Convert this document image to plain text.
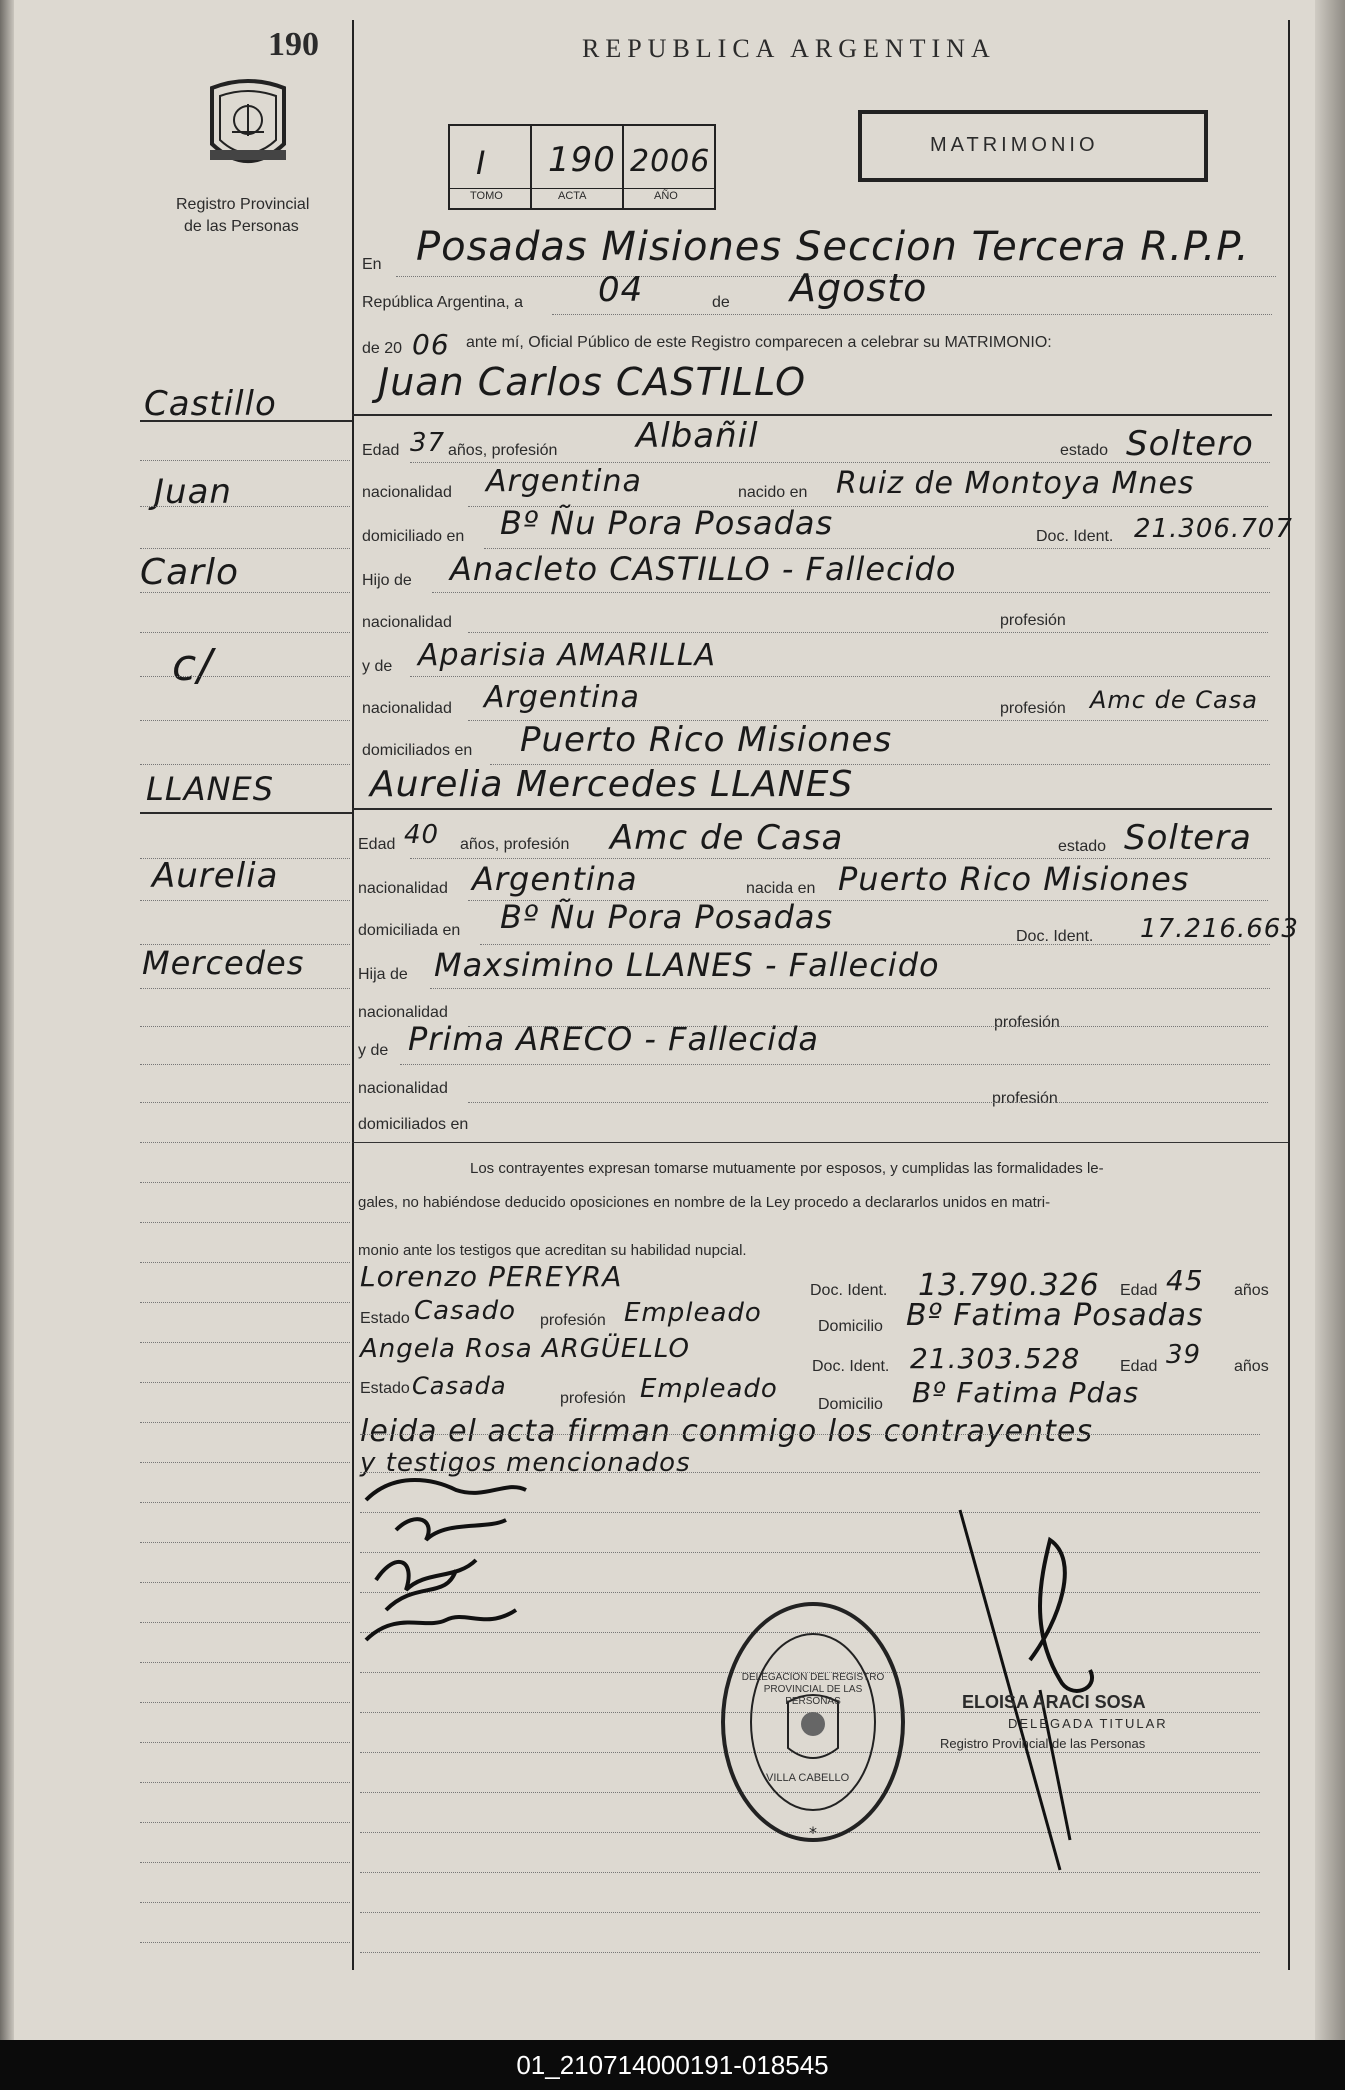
190	REPUBLICA ARGENTINA
Registro Provincial
de las Personas
I 190 2006
TOMO	ACTA	AÑO
MATRIMONIO
En Posadas Misiones Seccion Tercera R.P.P.
República Argentina, a 04	de Agosto
de 20 06 ante mí, Oficial Público de este Registro comparecen a celebrar su MATRIMONIO:
Juan Carlos CASTILLO
Castillo
Juan
Carlo
c/
LLANES
Aurelia
Mercedes
Edad 37 años, profesión Albañil	estado Soltero
nacionalidad Argentina	nacido en Ruiz de Montoya Mnes
domiciliado en Bº Ñu Pora Posadas	Doc. Ident. 21.306.707
Hijo de Anacleto CASTILLO - Fallecido
nacionalidad	profesión
y de Aparisia AMARILLA
nacionalidad Argentina	profesión Amc de Casa
domiciliados en Puerto Rico Misiones
Aurelia Mercedes LLANES
Edad 40 años, profesión Amc de Casa	estado Soltera
nacionalidad Argentina	nacida en Puerto Rico Misiones
domiciliada en Bº Ñu Pora Posadas
Doc. Ident. 17.216.663
Hija de Maxsimino LLANES - Fallecido
nacionalidad
profesión
y de Prima ARECO - Fallecida
nacionalidad
profesión
domiciliados en
Los contrayentes expresan tomarse mutuamente por esposos, y cumplidas las formalidades le-
gales, no habiéndose deducido oposiciones en nombre de la Ley procedo a declararlos unidos en matri-
monio ante los testigos que acreditan su habilidad nupcial.
Lorenzo PEREYRA	Doc. Ident. 13.790.326 Edad 45 años
Estado Casado profesión Empleado	Domicilio Bº Fatima Posadas
Angela Rosa ARGÜELLO
Doc. Ident. 21.303.528 Edad 39 años
Estado Casada	profesión Empleado
Domicilio Bº Fatima Pdas
leida el acta firman conmigo los contrayentes
y testigos mencionados
*
DELEGACION DEL REGISTRO PROVINCIAL DE LAS PERSONAS
VILLA CABELLO
ELOISA ARACI SOSA
DELEGADA TITULAR
Registro Provincial de las Personas
01_210714000191-018545
